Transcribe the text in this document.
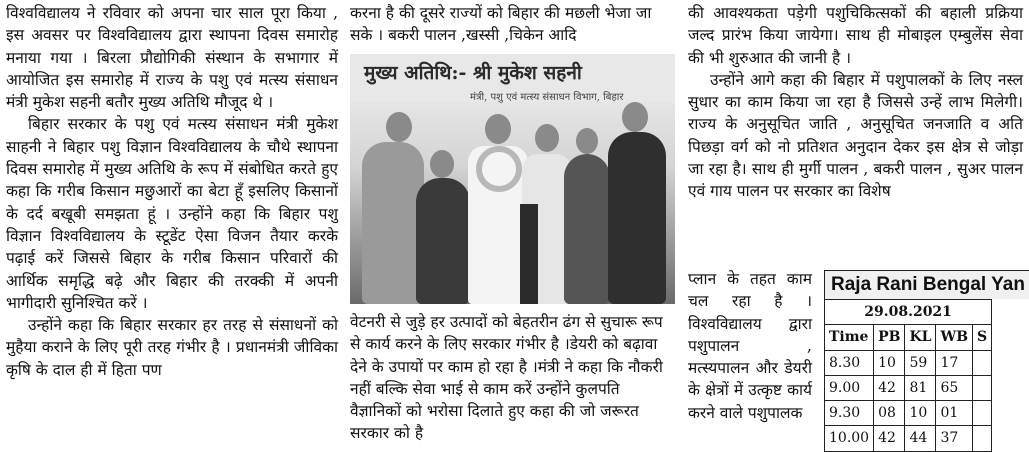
विश्वविद्यालय ने रविवार को अपना चार साल पूरा किया , इस अवसर पर विश्वविद्यालय द्वारा स्थापना दिवस समारोह मनाया गया । बिरला प्रौद्योगिकी संस्थान के सभागार में आयोजित इस समारोह में राज्य के पशु एवं मत्स्य संसाधन मंत्री मुकेश सहनी बतौर मुख्य अतिथि मौजूद थे ।

बिहार सरकार के पशु एवं मत्स्य संसाधन मंत्री मुकेश साहनी ने बिहार पशु विज्ञान विश्वविद्यालय के चौथे स्थापना दिवस समारोह में मुख्य अतिथि के रूप में संबोधित करते हुए कहा कि गरीब किसान मछुआरों का बेटा हूँ इसलिए किसानों के दर्द बखूबी समझता हूं । उन्होंने कहा कि बिहार पशु विज्ञान विश्वविद्यालय के स्टूडेंट ऐसा विजन तैयार करके पढ़ाई करें जिससे बिहार के गरीब किसान परिवारों की आर्थिक समृद्धि बढ़े और बिहार की तरक्की में अपनी भागीदारी सुनिश्चित करें ।

उन्होंने कहा कि बिहार सरकार हर तरह से संसाधनों को मुहैया कराने के लिए पूरी तरह गंभीर है । प्रधानमंत्री जीविका कृषि के दाल ही में हिता पण

करना है की दूसरे राज्यों को बिहार की मछली भेजा जा सके । बकरी पालन ,खस्सी ,चिकेन आदि
मुख्य अतिथि:- श्री मुकेश सहनी
मंत्री, पशु एवं मत्स्य संसाधन विभाग, बिहार
वेटनरी से जुड़े हर उत्पादों को बेहतरीन ढंग से सुचारू रूप से कार्य करने के लिए सरकार गंभीर है ।डेयरी को बढ़ावा देने के उपायों पर काम हो रहा है ।मंत्री ने कहा कि नौकरी नहीं बल्कि सेवा भाई से काम करें उन्होंने कुलपति वैज्ञानिकों को भरोसा दिलाते हुए कहा की जो जरूरत सरकार को है

की आवश्यकता पड़ेगी पशुचिकित्सकों की बहाली प्रक्रिया जल्द प्रारंभ किया जायेगा। साथ ही मोबाइल एम्बुलेंस सेवा की भी शुरुआत की जानी है ।

उन्होंने आगे कहा की बिहार में पशुपालकों के लिए नस्ल सुधार का काम किया जा रहा है जिससे उन्हें लाभ मिलेगी। राज्य के अनुसूचित जाति , अनुसूचित जनजाति व अति पिछड़ा वर्ग को नो प्रतिशत अनुदान देकर इस क्षेत्र से जोड़ा जा रहा है। साथ ही मुर्गी पालन , बकरी पालन , सुअर पालन एवं गाय पालन पर सरकार का विशेष

प्लान के तहत काम चल रहा है । विश्वविद्यालय द्वारा पशुपालन , मत्स्यपालन और डेयरी के क्षेत्रों में उत्कृष्ट कार्य करने वाले पशुपालक

Raja Rani Bengal Yan
29.08.2021				
Time	PB	KL	WB	S
8.30	10	59	17	
9.00	42	81	65	
9.30	08	10	01	
10.00	42	44	37	
